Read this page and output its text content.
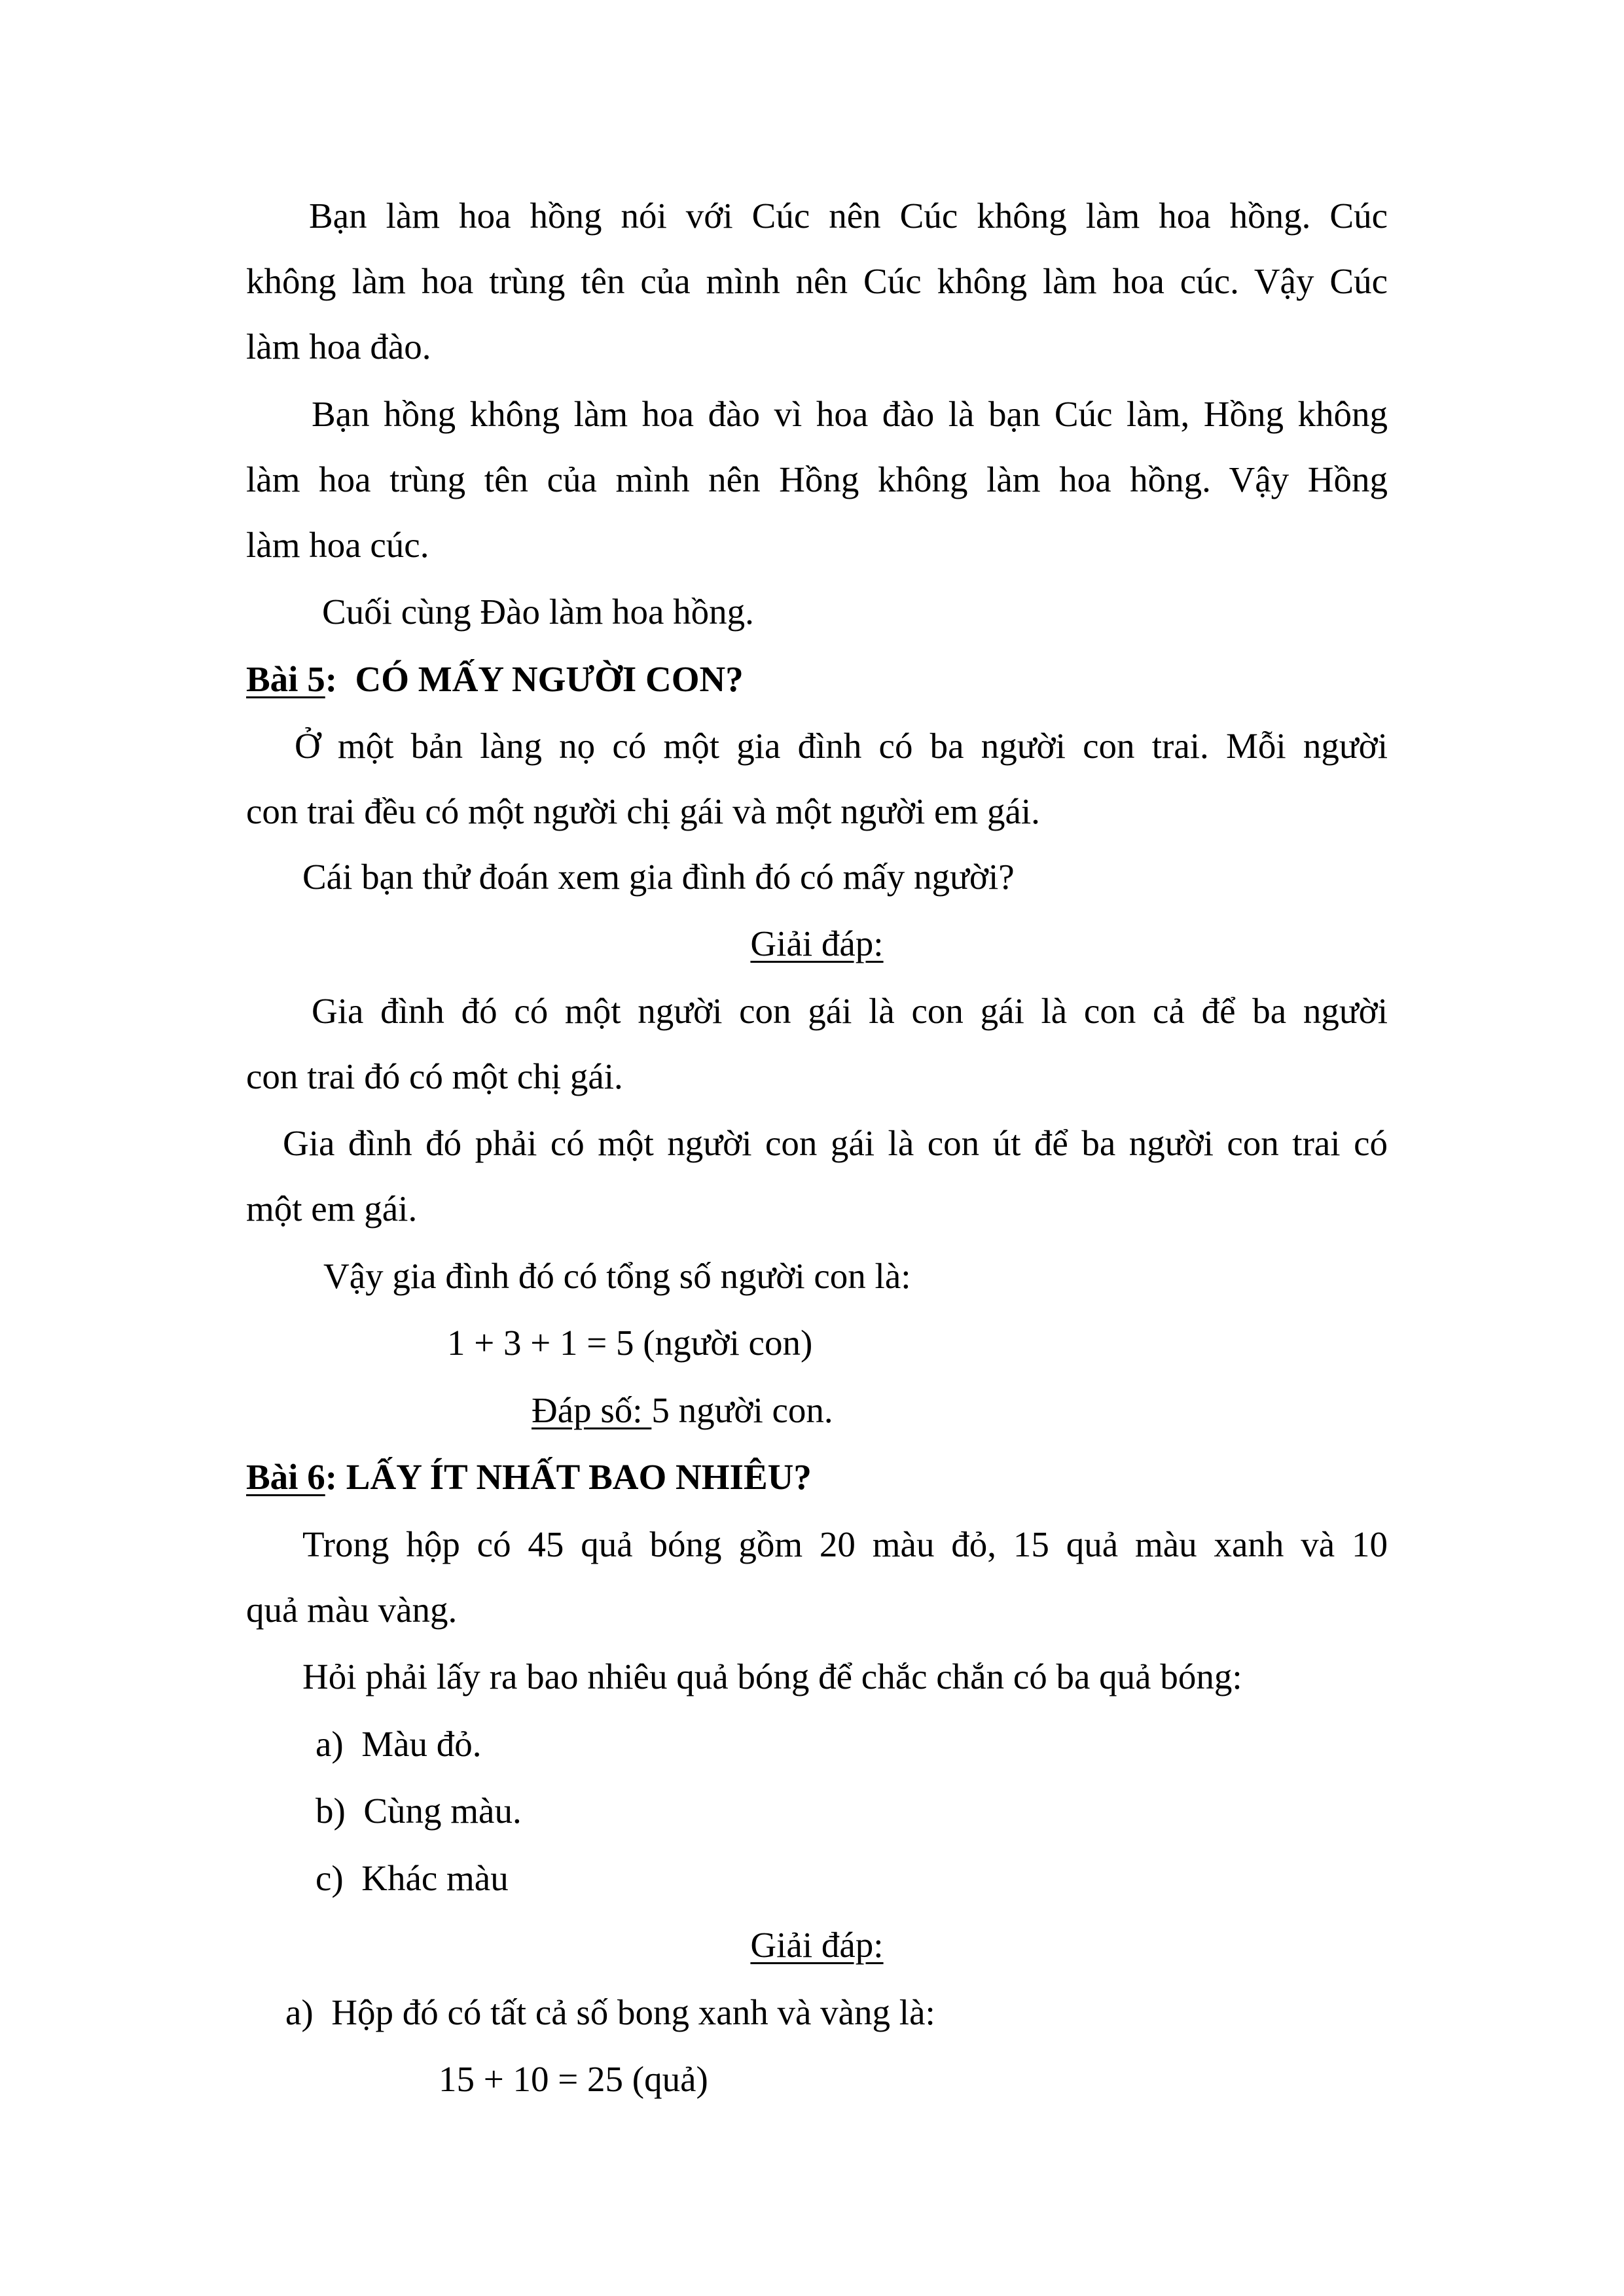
Bạn làm hoa hồng nói với Cúc nên Cúc không làm hoa hồng. Cúc
không làm hoa trùng tên của mình nên Cúc không làm hoa cúc. Vậy Cúc
làm hoa đào.
Bạn hồng không làm hoa đào vì hoa đào là bạn Cúc làm, Hồng không
làm hoa trùng tên của mình nên Hồng không làm hoa hồng. Vậy Hồng
làm hoa cúc.
Cuối cùng Đào làm hoa hồng.
Bài 5:  CÓ MẤY NGƯỜI CON?
Ở một bản làng nọ có một gia đình có ba người con trai. Mỗi người
con trai đều có một người chị gái và một người em gái.
Cái bạn thử đoán xem gia đình đó có mấy người?
Giải đáp:
Gia đình đó có một người con gái là con gái là con cả để ba người
con trai đó có một chị gái.
Gia đình đó phải có một người con gái là con út để ba người con trai có
một em gái.
Vậy gia đình đó có tổng số người con là:
1 + 3 + 1 = 5 (người con)
Đáp số: 5 người con.
Bài 6: LẤY ÍT NHẤT BAO NHIÊU?
Trong hộp có 45 quả bóng gồm 20 màu đỏ, 15 quả màu xanh và 10
quả màu vàng.
Hỏi phải lấy ra bao nhiêu quả bóng để chắc chắn có ba quả bóng:
a)  Màu đỏ.
b)  Cùng màu.
c)  Khác màu
Giải đáp:
a)  Hộp đó có tất cả số bong xanh và vàng là:
15 + 10 = 25 (quả)
